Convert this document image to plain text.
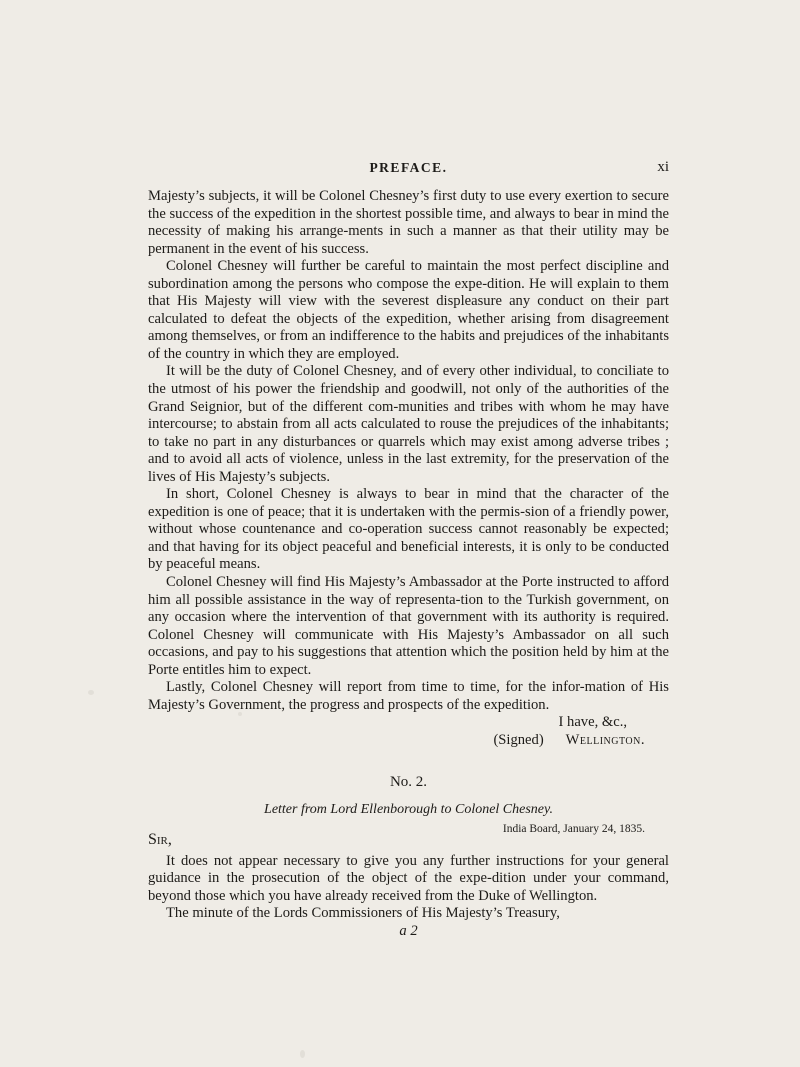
PREFACE.	xi

Majesty’s subjects, it will be Colonel Chesney’s first duty to use every exertion to secure the success of the expedition in the shortest possible time, and always to bear in mind the necessity of making his arrange-ments in such a manner as that their utility may be permanent in the event of his success.

Colonel Chesney will further be careful to maintain the most perfect discipline and subordination among the persons who compose the expe-dition. He will explain to them that His Majesty will view with the severest displeasure any conduct on their part calculated to defeat the objects of the expedition, whether arising from disagreement among themselves, or from an indifference to the habits and prejudices of the inhabitants of the country in which they are employed.

It will be the duty of Colonel Chesney, and of every other individual, to conciliate to the utmost of his power the friendship and goodwill, not only of the authorities of the Grand Seignior, but of the different com-munities and tribes with whom he may have intercourse; to abstain from all acts calculated to rouse the prejudices of the inhabitants; to take no part in any disturbances or quarrels which may exist among adverse tribes ; and to avoid all acts of violence, unless in the last extremity, for the preservation of the lives of His Majesty’s subjects.

In short, Colonel Chesney is always to bear in mind that the character of the expedition is one of peace; that it is undertaken with the permis-sion of a friendly power, without whose countenance and co-operation success cannot reasonably be expected; and that having for its object peaceful and beneficial interests, it is only to be conducted by peaceful means.

Colonel Chesney will find His Majesty’s Ambassador at the Porte instructed to afford him all possible assistance in the way of representa-tion to the Turkish government, on any occasion where the intervention of that government with its authority is required. Colonel Chesney will communicate with His Majesty’s Ambassador on all such occasions, and pay to his suggestions that attention which the position held by him at the Porte entitles him to expect.

Lastly, Colonel Chesney will report from time to time, for the infor-mation of His Majesty’s Government, the progress and prospects of the expedition.

I have, &c.,

(Signed) Wellington.

No. 2.

Letter from Lord Ellenborough to Colonel Chesney.

Sir,
India Board, January 24, 1835.

It does not appear necessary to give you any further instructions for your general guidance in the prosecution of the object of the expe-dition under your command, beyond those which you have already received from the Duke of Wellington.

The minute of the Lords Commissioners of His Majesty’s Treasury,

a 2
